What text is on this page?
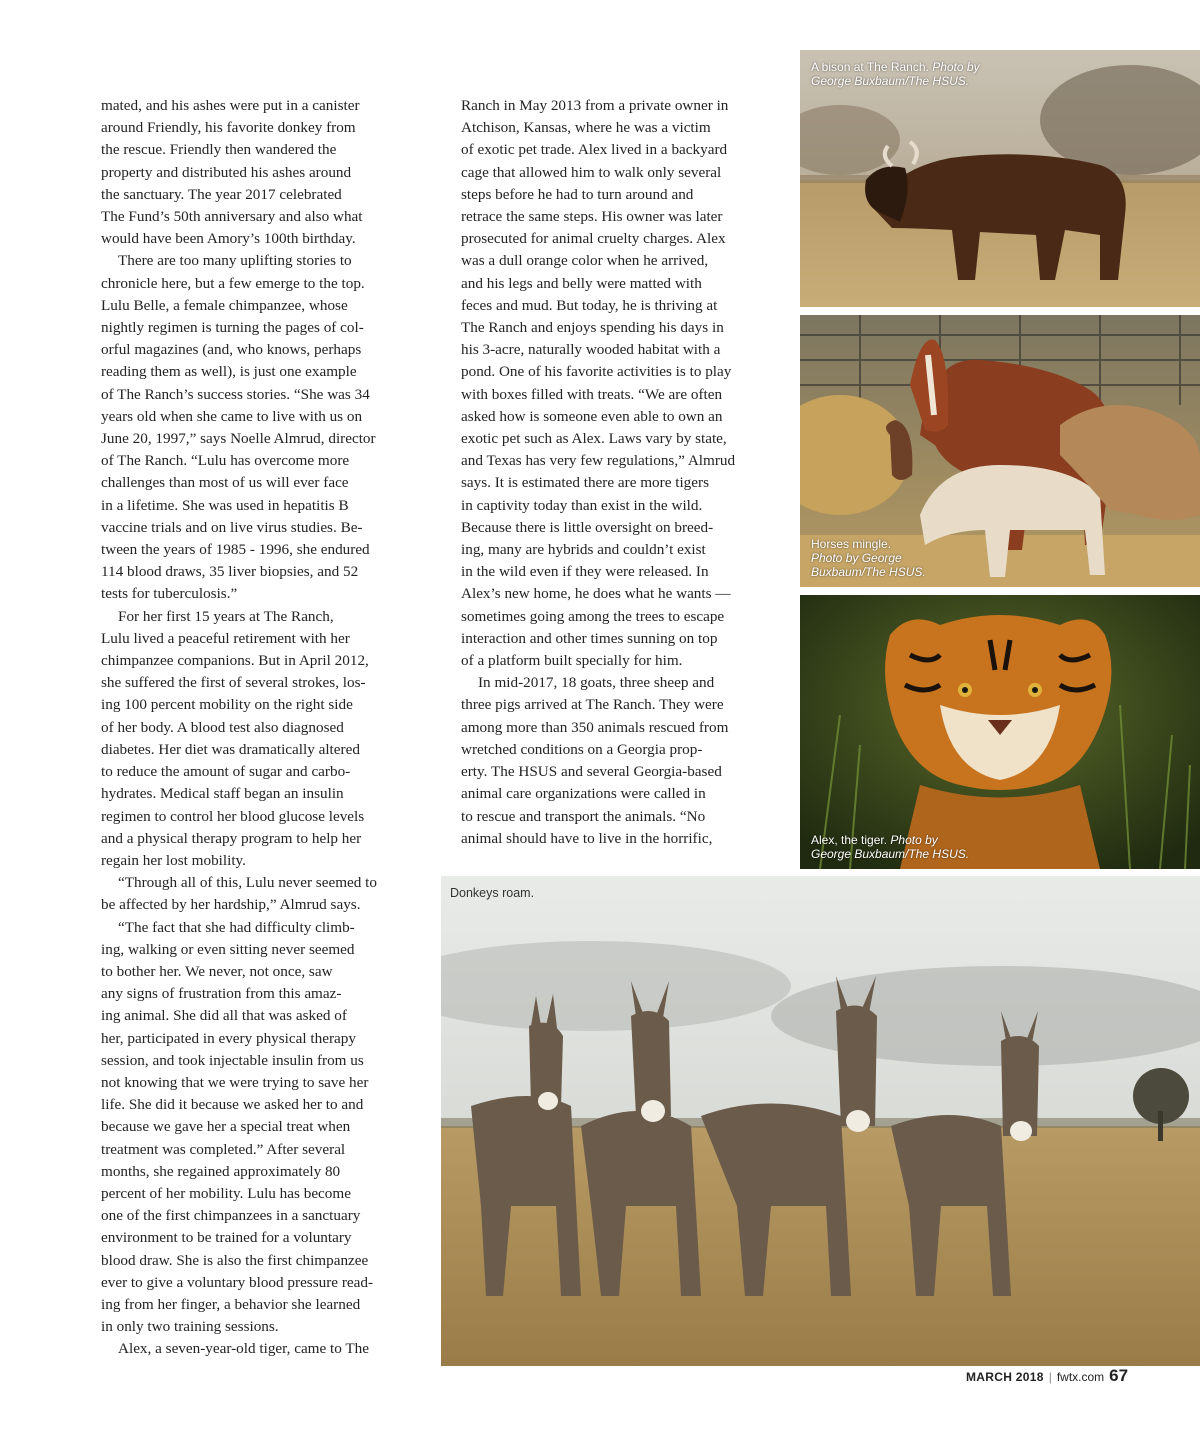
mated, and his ashes were put in a canister
around Friendly, his favorite donkey from
the rescue. Friendly then wandered the
property and distributed his ashes around
the sanctuary. The year 2017 celebrated
The Fund’s 50th anniversary and also what
would have been Amory’s 100th birthday.

There are too many uplifting stories to
chronicle here, but a few emerge to the top.
Lulu Belle, a female chimpanzee, whose
nightly regimen is turning the pages of col-
orful magazines (and, who knows, perhaps
reading them as well), is just one example
of The Ranch’s success stories. “She was 34
years old when she came to live with us on
June 20, 1997,” says Noelle Almrud, director
of The Ranch. “Lulu has overcome more
challenges than most of us will ever face
in a lifetime. She was used in hepatitis B
vaccine trials and on live virus studies. Be-
tween the years of 1985 - 1996, she endured
114 blood draws, 35 liver biopsies, and 52
tests for tuberculosis.”

For her first 15 years at The Ranch,
Lulu lived a peaceful retirement with her
chimpanzee companions. But in April 2012,
she suffered the first of several strokes, los-
ing 100 percent mobility on the right side
of her body. A blood test also diagnosed
diabetes. Her diet was dramatically altered
to reduce the amount of sugar and carbo-
hydrates. Medical staff began an insulin
regimen to control her blood glucose levels
and a physical therapy program to help her
regain her lost mobility.

“Through all of this, Lulu never seemed to
be affected by her hardship,” Almrud says.

“The fact that she had difficulty climb-
ing, walking or even sitting never seemed
to bother her. We never, not once, saw
any signs of frustration from this amaz-
ing animal. She did all that was asked of
her, participated in every physical therapy
session, and took injectable insulin from us
not knowing that we were trying to save her
life. She did it because we asked her to and
because we gave her a special treat when
treatment was completed.” After several
months, she regained approximately 80
percent of her mobility. Lulu has become
one of the first chimpanzees in a sanctuary
environment to be trained for a voluntary
blood draw. She is also the first chimpanzee
ever to give a voluntary blood pressure read-
ing from her finger, a behavior she learned
in only two training sessions.

Alex, a seven-year-old tiger, came to The

Ranch in May 2013 from a private owner in
Atchison, Kansas, where he was a victim
of exotic pet trade. Alex lived in a backyard
cage that allowed him to walk only several
steps before he had to turn around and
retrace the same steps. His owner was later
prosecuted for animal cruelty charges. Alex
was a dull orange color when he arrived,
and his legs and belly were matted with
feces and mud. But today, he is thriving at
The Ranch and enjoys spending his days in
his 3-acre, naturally wooded habitat with a
pond. One of his favorite activities is to play
with boxes filled with treats. “We are often
asked how is someone even able to own an
exotic pet such as Alex. Laws vary by state,
and Texas has very few regulations,” Almrud
says. It is estimated there are more tigers
in captivity today than exist in the wild.
Because there is little oversight on breed-
ing, many are hybrids and couldn’t exist
in the wild even if they were released. In
Alex’s new home, he does what he wants —
sometimes going among the trees to escape
interaction and other times sunning on top
of a platform built specially for him.

In mid-2017, 18 goats, three sheep and
three pigs arrived at The Ranch. They were
among more than 350 animals rescued from
wretched conditions on a Georgia prop-
erty. The HSUS and several Georgia-based
animal care organizations were called in
to rescue and transport the animals. “No
animal should have to live in the horrific,

A bison at The Ranch. Photo by
George Buxbaum/The HSUS.
Horses mingle.
Photo by George
Buxbaum/The HSUS.
Alex, the tiger. Photo by
George Buxbaum/The HSUS.
Donkeys roam.
MARCH 2018 | fwtx.com 67
